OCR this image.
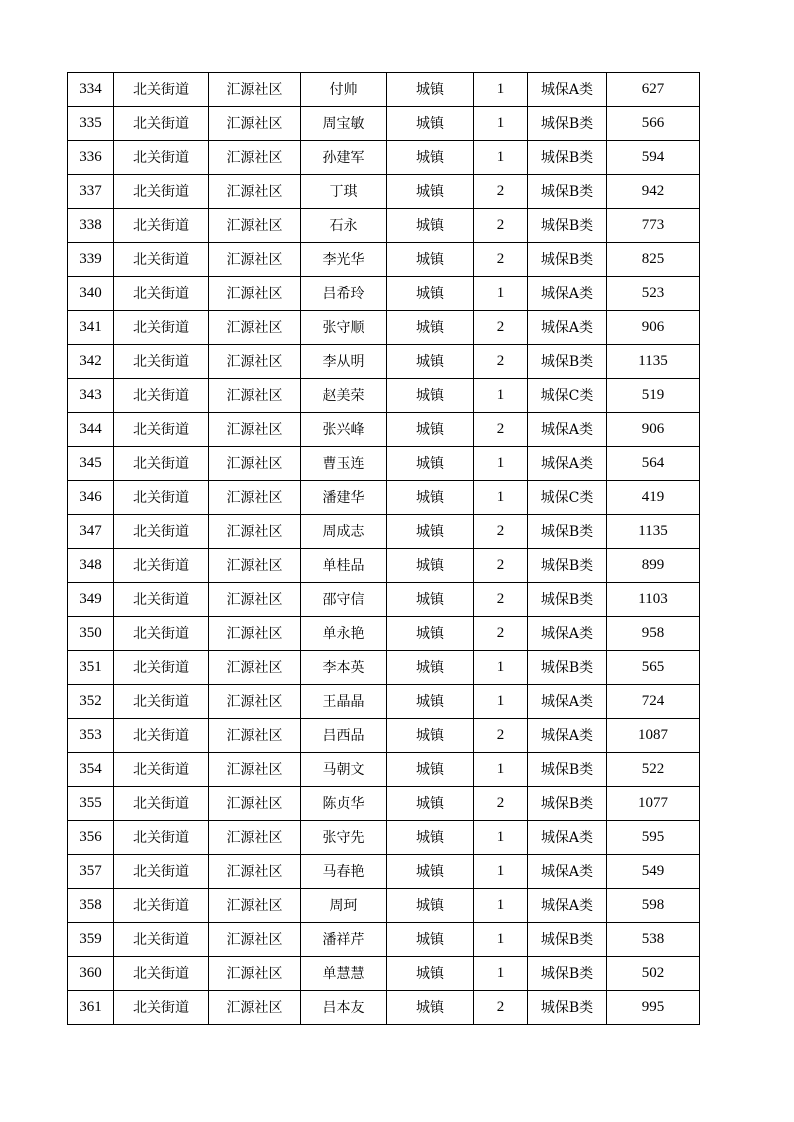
334	北关街道	汇源社区	付帅	城镇	1	城保A类	627
335	北关街道	汇源社区	周宝敏	城镇	1	城保B类	566
336	北关街道	汇源社区	孙建军	城镇	1	城保B类	594
337	北关街道	汇源社区	丁琪	城镇	2	城保B类	942
338	北关街道	汇源社区	石永	城镇	2	城保B类	773
339	北关街道	汇源社区	李光华	城镇	2	城保B类	825
340	北关街道	汇源社区	吕希玲	城镇	1	城保A类	523
341	北关街道	汇源社区	张守顺	城镇	2	城保A类	906
342	北关街道	汇源社区	李从明	城镇	2	城保B类	1135
343	北关街道	汇源社区	赵美荣	城镇	1	城保C类	519
344	北关街道	汇源社区	张兴峰	城镇	2	城保A类	906
345	北关街道	汇源社区	曹玉连	城镇	1	城保A类	564
346	北关街道	汇源社区	潘建华	城镇	1	城保C类	419
347	北关街道	汇源社区	周成志	城镇	2	城保B类	1135
348	北关街道	汇源社区	单桂品	城镇	2	城保B类	899
349	北关街道	汇源社区	邵守信	城镇	2	城保B类	1103
350	北关街道	汇源社区	单永艳	城镇	2	城保A类	958
351	北关街道	汇源社区	李本英	城镇	1	城保B类	565
352	北关街道	汇源社区	王晶晶	城镇	1	城保A类	724
353	北关街道	汇源社区	吕西品	城镇	2	城保A类	1087
354	北关街道	汇源社区	马朝文	城镇	1	城保B类	522
355	北关街道	汇源社区	陈贞华	城镇	2	城保B类	1077
356	北关街道	汇源社区	张守先	城镇	1	城保A类	595
357	北关街道	汇源社区	马春艳	城镇	1	城保A类	549
358	北关街道	汇源社区	周珂	城镇	1	城保A类	598
359	北关街道	汇源社区	潘祥芹	城镇	1	城保B类	538
360	北关街道	汇源社区	单慧慧	城镇	1	城保B类	502
361	北关街道	汇源社区	吕本友	城镇	2	城保B类	995
